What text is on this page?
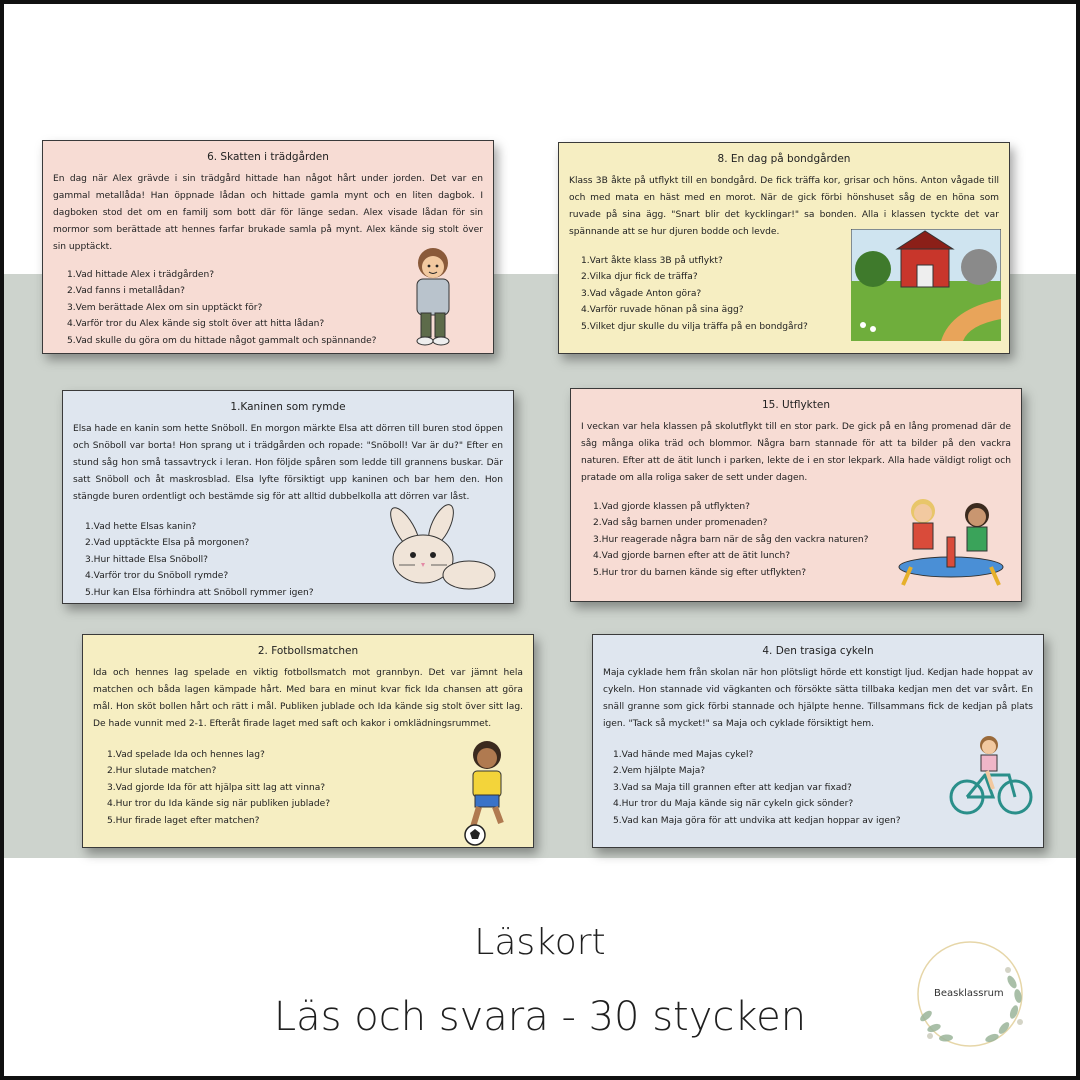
6. Skatten i trädgården

En dag när Alex grävde i sin trädgård hittade han något hårt under jorden. Det var en gammal metallåda! Han öppnade lådan och hittade gamla mynt och en liten dagbok. I dagboken stod det om en familj som bott där för länge sedan. Alex visade lådan för sin mormor som berättade att hennes farfar brukade samla på mynt. Alex kände sig stolt över sin upptäckt.

1.Vad hittade Alex i trädgården?
2.Vad fanns i metallådan?
3.Vem berättade Alex om sin upptäckt för?
4.Varför tror du Alex kände sig stolt över att hitta lådan?
5.Vad skulle du göra om du hittade något gammalt och spännande?
8. En dag på bondgården

Klass 3B åkte på utflykt till en bondgård. De fick träffa kor, grisar och höns. Anton vågade till och med mata en häst med en morot. När de gick förbi hönshuset såg de en höna som ruvade på sina ägg. "Snart blir det kycklingar!" sa bonden. Alla i klassen tyckte det var spännande att se hur djuren bodde och levde.

1.Vart åkte klass 3B på utflykt?
2.Vilka djur fick de träffa?
3.Vad vågade Anton göra?
4.Varför ruvade hönan på sina ägg?
5.Vilket djur skulle du vilja träffa på en bondgård?
1.Kaninen som rymde

Elsa hade en kanin som hette Snöboll. En morgon märkte Elsa att dörren till buren stod öppen och Snöboll var borta! Hon sprang ut i trädgården och ropade: "Snöboll! Var är du?" Efter en stund såg hon små tassavtryck i leran. Hon följde spåren som ledde till grannens buskar. Där satt Snöboll och åt maskrosblad. Elsa lyfte försiktigt upp kaninen och bar hem den. Hon stängde buren ordentligt och bestämde sig för att alltid dubbelkolla att dörren var låst.

1.Vad hette Elsas kanin?
2.Vad upptäckte Elsa på morgonen?
3.Hur hittade Elsa Snöboll?
4.Varför tror du Snöboll rymde?
5.Hur kan Elsa förhindra att Snöboll rymmer igen?
15. Utflykten

I veckan var hela klassen på skolutflykt till en stor park. De gick på en lång promenad där de såg många olika träd och blommor. Några barn stannade för att ta bilder på den vackra naturen. Efter att de ätit lunch i parken, lekte de i en stor lekpark. Alla hade väldigt roligt och pratade om alla roliga saker de sett under dagen.

1.Vad gjorde klassen på utflykten?
2.Vad såg barnen under promenaden?
3.Hur reagerade några barn när de såg den vackra naturen?
4.Vad gjorde barnen efter att de ätit lunch?
5.Hur tror du barnen kände sig efter utflykten?
2. Fotbollsmatchen

Ida och hennes lag spelade en viktig fotbollsmatch mot grannbyn. Det var jämnt hela matchen och båda lagen kämpade hårt. Med bara en minut kvar fick Ida chansen att göra mål. Hon sköt bollen hårt och rätt i mål. Publiken jublade och Ida kände sig stolt över sitt lag. De hade vunnit med 2-1. Efteråt firade laget med saft och kakor i omklädningsrummet.

1.Vad spelade Ida och hennes lag?
2.Hur slutade matchen?
3.Vad gjorde Ida för att hjälpa sitt lag att vinna?
4.Hur tror du Ida kände sig när publiken jublade?
5.Hur firade laget efter matchen?
4. Den trasiga cykeln

Maja cyklade hem från skolan när hon plötsligt hörde ett konstigt ljud. Kedjan hade hoppat av cykeln. Hon stannade vid vägkanten och försökte sätta tillbaka kedjan men det var svårt. En snäll granne som gick förbi stannade och hjälpte henne. Tillsammans fick de kedjan på plats igen. "Tack så mycket!" sa Maja och cyklade försiktigt hem.

1.Vad hände med Majas cykel?
2.Vem hjälpte Maja?
3.Vad sa Maja till grannen efter att kedjan var fixad?
4.Hur tror du Maja kände sig när cykeln gick sönder?
5.Vad kan Maja göra för att undvika att kedjan hoppar av igen?
Läskort
Läs och svara - 30 stycken
Beasklassrum
